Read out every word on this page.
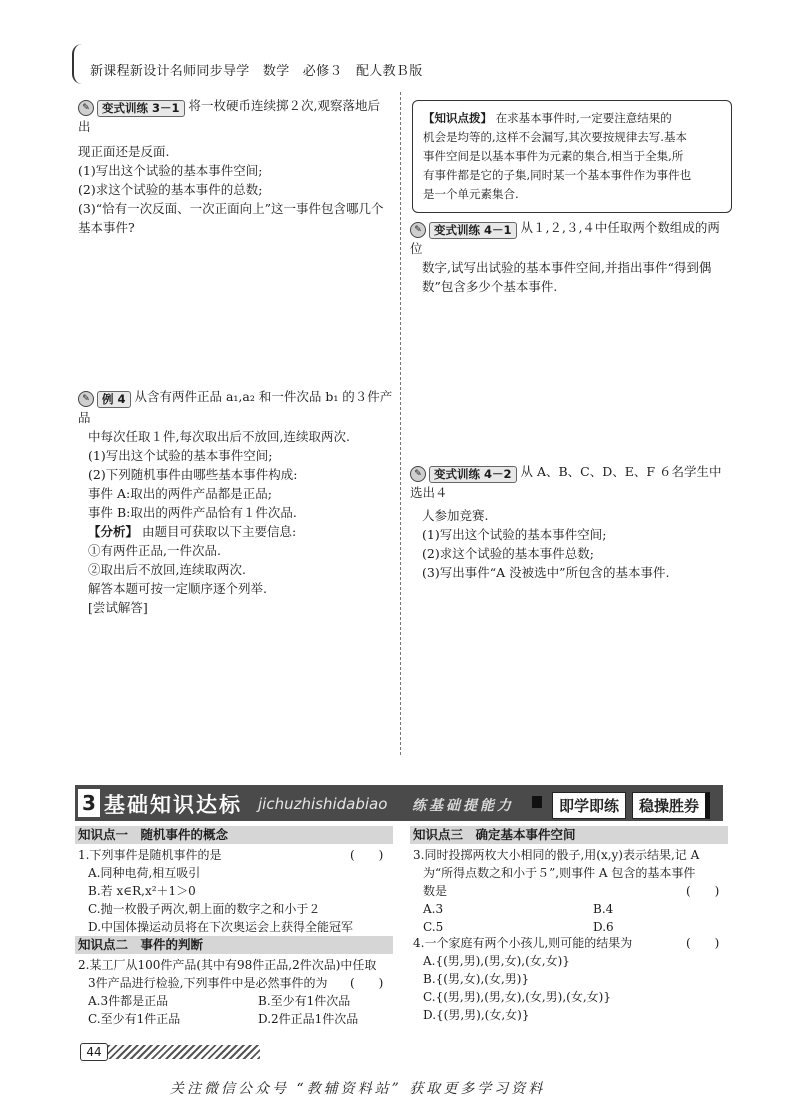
新课程新设计名师同步导学　数学　必修３　配人教Ｂ版
✎	变式训练 3－1 将一枚硬币连续掷２次,观察落地后出
现正面还是反面.
(1)写出这个试验的基本事件空间;
(2)求这个试验的基本事件的总数;
(3)“恰有一次反面、一次正面向上”这一事件包含哪几个
基本事件?
✎	例 4 从含有两件正品 a₁,a₂ 和一件次品 b₁ 的３件产品
中每次任取１件,每次取出后不放回,连续取两次.
(1)写出这个试验的基本事件空间;
(2)下列随机事件由哪些基本事件构成:
事件 A:取出的两件产品都是正品;
事件 B:取出的两件产品恰有１件次品.
【分析】 由题目可获取以下主要信息:
①有两件正品,一件次品.
②取出后不放回,连续取两次.
解答本题可按一定顺序逐个列举.
[尝试解答]
【知识点拨】 在求基本事件时,一定要注意结果的
机会是均等的,这样不会漏写,其次要按规律去写.基本
事件空间是以基本事件为元素的集合,相当于全集,所
有事件都是它的子集,同时某一个基本事件作为事件也
是一个单元素集合.
✎	变式训练 4－1 从１,２,３,４中任取两个数组成的两位
数字,试写出试验的基本事件空间,并指出事件“得到偶
数”包含多少个基本事件.
✎	变式训练 4－2 从 A、B、C、D、E、F ６名学生中选出４
人参加竞赛.
(1)写出这个试验的基本事件空间;
(2)求这个试验的基本事件总数;
(3)写出事件“A 没被选中”所包含的基本事件.
3 基础知识达标 jichuzhishidabiao 练基础提能力	即学即练	稳操胜券
知识点一　随机事件的概念
1.下列事件是随机事件的是
A.同种电荷,相互吸引
B.若 x∈R,x²＋1＞0
C.抛一枚骰子两次,朝上面的数字之和小于２
D.中国体操运动员将在下次奥运会上获得全能冠军
(　　)
知识点二　事件的判断
2.某工厂从100件产品(其中有98件正品,2件次品)中任取
3件产品进行检验,下列事件中是必然事件的为
A.3件都是正品	B.至少有1件次品
C.至少有1件正品	D.2件正品1件次品
(　　)
知识点三　确定基本事件空间
3.同时投掷两枚大小相同的骰子,用(x,y)表示结果,记 A
为“所得点数之和小于５”,则事件 A 包含的基本事件
数是
A.3	B.4
C.5	D.6
(　　)
4.一个家庭有两个小孩儿,则可能的结果为
A.{(男,男),(男,女),(女,女)}
B.{(男,女),(女,男)}
C.{(男,男),(男,女),(女,男),(女,女)}
D.{(男,男),(女,女)}
(　　)
44
关注微信公众号 “教辅资料站” 获取更多学习资料
